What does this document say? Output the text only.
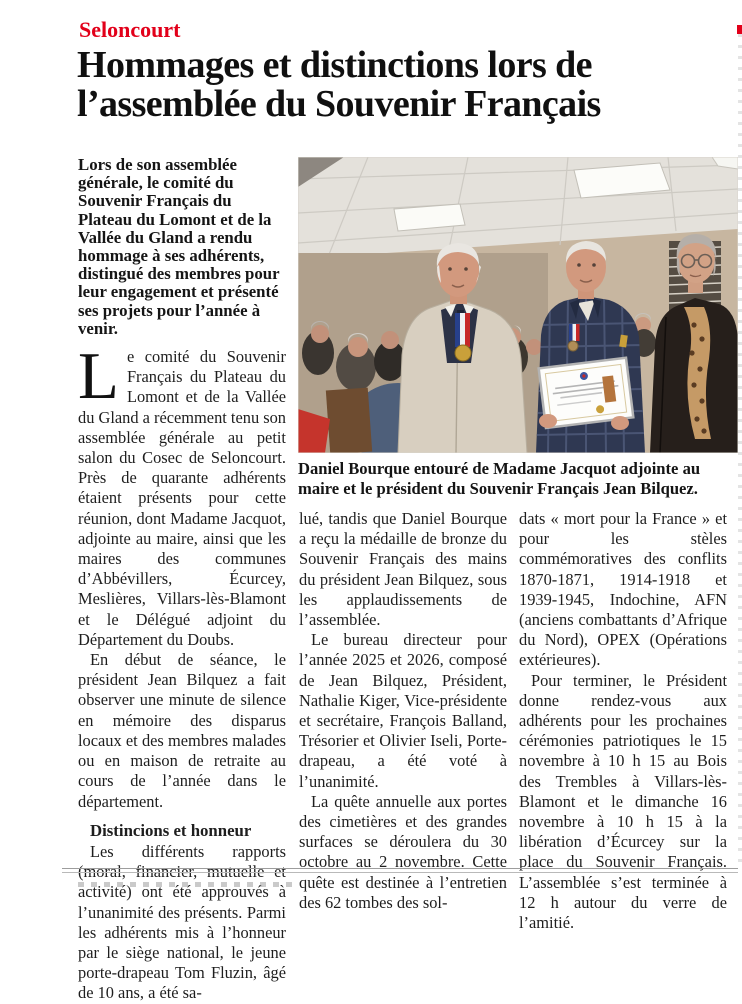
Seloncourt
Hommages et distinctions lors de
l’assemblée du Souvenir Français

Lors de son assemblée générale, le comité du Souvenir Français du Plateau du Lomont et de la Vallée du Gland a rendu hommage à ses adhérents, distingué des membres pour leur engagement et présenté ses projets pour l’année à venir.

Le comité du Souvenir Français du Plateau du Lomont et de la Vallée du Gland a récemment tenu son assemblée générale au petit salon du Cosec de Seloncourt. Près de quarante adhérents étaient présents pour cette réunion, dont Madame Jacquot, adjointe au maire, ainsi que les maires des communes d’Abbévillers, Écurcey, Meslières, Villars-lès-Blamont et le Délégué adjoint du Département du Doubs.

En début de séance, le président Jean Bilquez a fait observer une minute de silence en mémoire des disparus locaux et des membres malades ou en maison de retraite au cours de l’année dans le département.

Distincions et honneur

Les différents rapports (moral, financier, mutuelle et activité) ont été approuvés à l’unanimité des présents. Parmi les adhérents mis à l’honneur par le siège national, le jeune porte-drapeau Tom Fluzin, âgé de 10 ans, a été sa-

Daniel Bourque entouré de Madame Jacquot adjointe au maire et le président du Souvenir Français Jean Bilquez.

lué, tandis que Daniel Bourque a reçu la médaille de bronze du Souvenir Français des mains du président Jean Bilquez, sous les applaudissements de l’assemblée.

Le bureau directeur pour l’année 2025 et 2026, composé de Jean Bilquez, Président, Nathalie Kiger, Vice-présidente et secrétaire, François Balland, Trésorier et Olivier Iseli, Porte-drapeau, a été voté à l’unanimité.

La quête annuelle aux portes des cimetières et des grandes surfaces se déroulera du 30 octobre au 2 novembre. Cette quête est destinée à l’entretien des 62 tombes des sol-

dats « mort pour la France » et pour les stèles commémoratives des conflits 1870-1871, 1914-1918 et 1939-1945, Indochine, AFN (anciens combattants d’Afrique du Nord), OPEX (Opérations extérieures).

Pour terminer, le Président donne rendez-vous aux adhérents pour les prochaines cérémonies patriotiques le 15 novembre à 10 h 15 au Bois des Trembles à Villars-lès-Blamont et le dimanche 16 novembre à 10 h 15 à la libération d’Écurcey sur la place du Souvenir Français. L’assemblée s’est terminée à 12 h autour du verre de l’amitié.
